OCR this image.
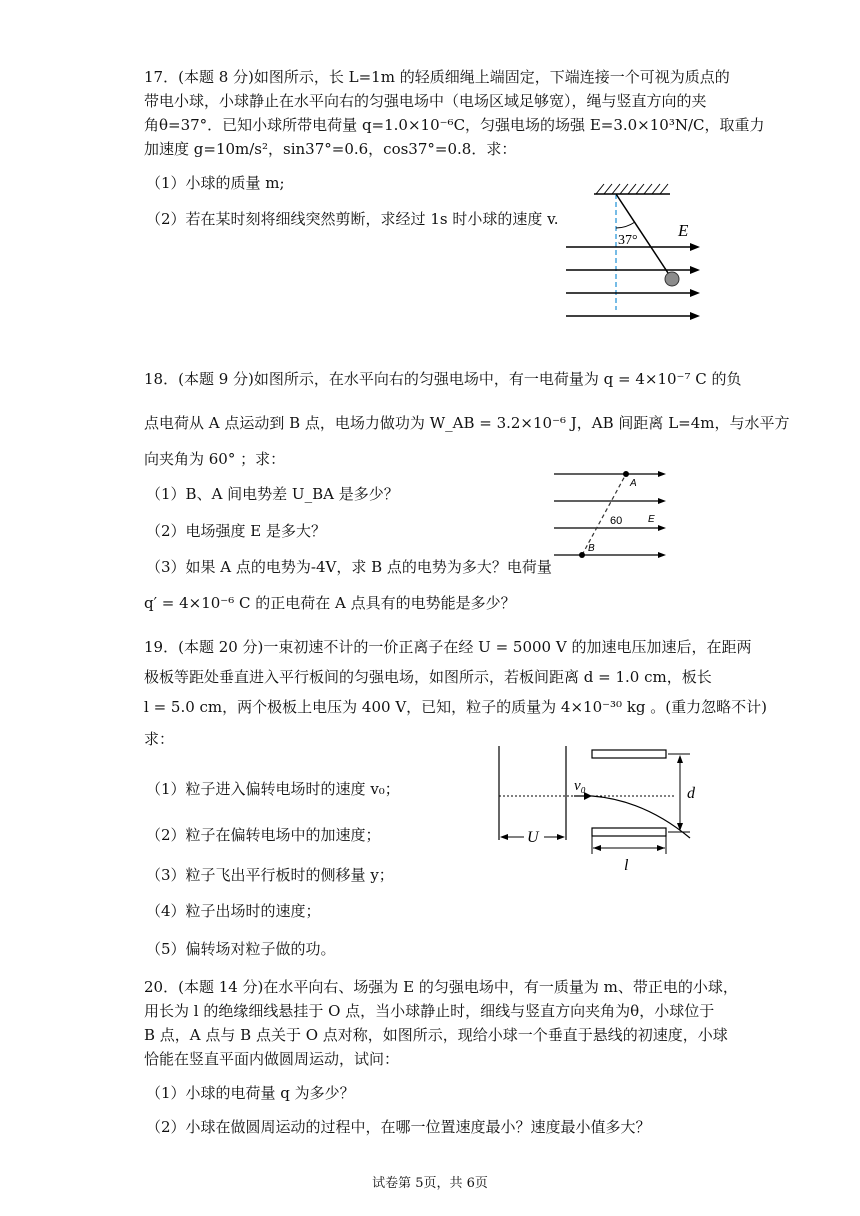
17．(本题 8 分)如图所示，长 L=1m 的轻质细绳上端固定，下端连接一个可视为质点的
带电小球，小球静止在水平向右的匀强电场中（电场区域足够宽），绳与竖直方向的夹
角θ=37°．已知小球所带电荷量 q=1.0×10⁻⁶C，匀强电场的场强 E=3.0×10³N/C，取重力
加速度 g=10m/s²，sin37°=0.6，cos37°=0.8．求：
（1）小球的质量 m;
（2）若在某时刻将细线突然剪断，求经过 1s 时小球的速度 v.
37°
E
18．(本题 9 分)如图所示，在水平向右的匀强电场中，有一电荷量为 q = 4×10⁻⁷ C 的负
点电荷从 A 点运动到 B 点，电场力做功为 W_AB = 3.2×10⁻⁶ J，AB 间距离 L=4m，与水平方
向夹角为 60° ；求：
（1）B、A 间电势差 U_BA 是多少？
（2）电场强度 E 是多大？
（3）如果 A 点的电势为-4V，求 B 点的电势为多大？电荷量
q′ = 4×10⁻⁶ C 的正电荷在 A 点具有的电势能是多少？
A
B
60	E
19．(本题 20 分)一束初速不计的一价正离子在经 U = 5000 V 的加速电压加速后，在距两
极板等距处垂直进入平行板间的匀强电场，如图所示，若板间距离 d = 1.0 cm，板长
l = 5.0 cm，两个极板上电压为 400 V，已知，粒子的质量为 4×10⁻³⁰ kg 。(重力忽略不计)
求：
（1）粒子进入偏转电场时的速度 v₀；
（2）粒子在偏转电场中的加速度；
（3）粒子飞出平行板时的侧移量 y；
（4）粒子出场时的速度；
（5）偏转场对粒子做的功。
v₀
U
d
l
20．(本题 14 分)在水平向右、场强为 E 的匀强电场中，有一质量为 m、带正电的小球，
用长为 l 的绝缘细线悬挂于 O 点，当小球静止时，细线与竖直方向夹角为θ，小球位于
B 点，A 点与 B 点关于 O 点对称，如图所示，现给小球一个垂直于悬线的初速度，小球
恰能在竖直平面内做圆周运动，试问：
（1）小球的电荷量 q 为多少？
（2）小球在做圆周运动的过程中，在哪一位置速度最小？速度最小值多大？
试卷第 5页，共 6页
